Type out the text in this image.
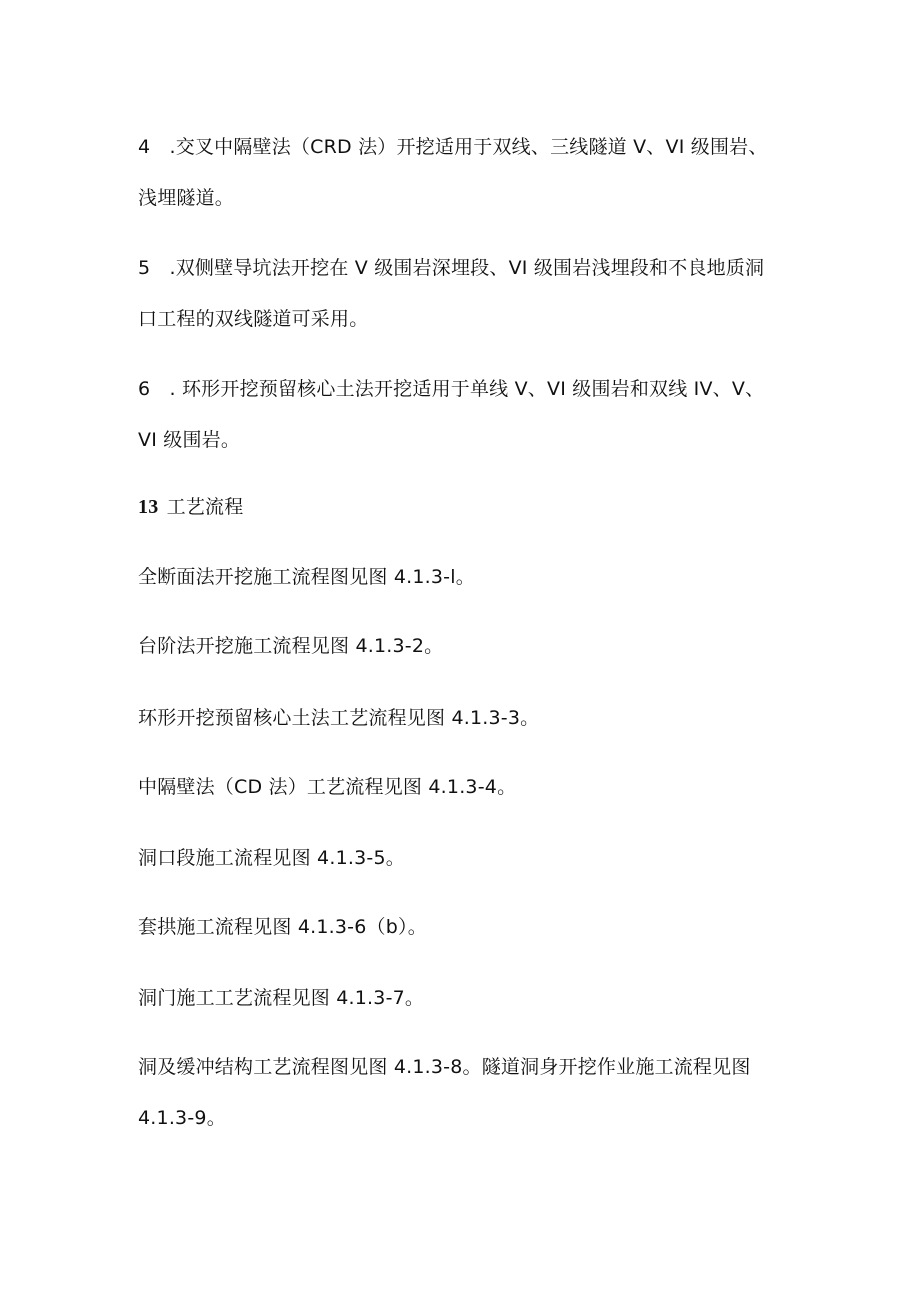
4　.交叉中隔壁法（CRD 法）开挖适用于双线、三线隧道 V、VI 级围岩、
浅埋隧道。
5　.双侧壁导坑法开挖在 V 级围岩深埋段、VI 级围岩浅埋段和不良地质洞
口工程的双线隧道可采用。
6　. 环形开挖预留核心土法开挖适用于单线 V、VI 级围岩和双线 IV、V、
VI 级围岩。
13 工艺流程
全断面法开挖施工流程图见图 4.1.3-l。
台阶法开挖施工流程见图 4.1.3-2。
环形开挖预留核心土法工艺流程见图 4.1.3-3。
中隔壁法（CD 法）工艺流程见图 4.1.3-4。
洞口段施工流程见图 4.1.3-5。
套拱施工流程见图 4.1.3-6（b）。
洞门施工工艺流程见图 4.1.3-7。
洞及缓冲结构工艺流程图见图 4.1.3-8。隧道洞身开挖作业施工流程见图
4.1.3-9。
